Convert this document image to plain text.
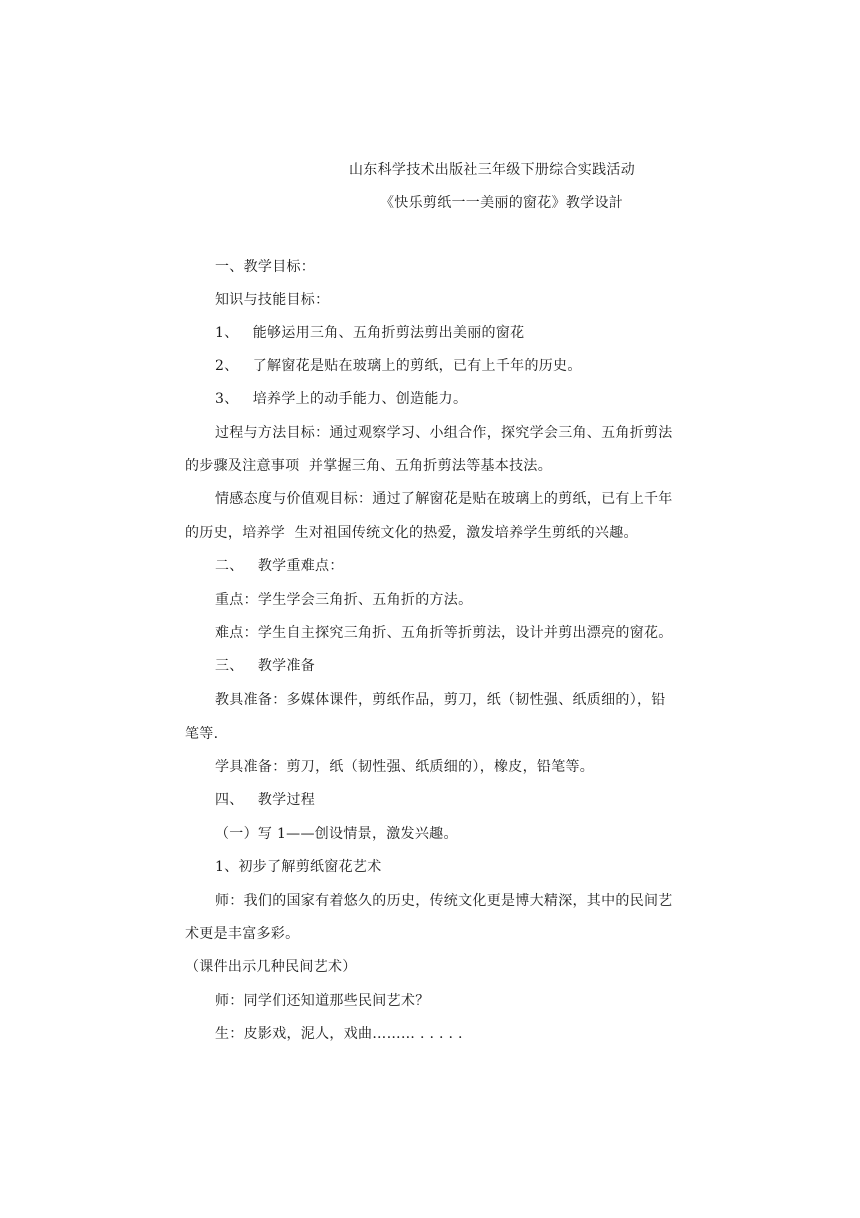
山东科学技术出版社三年级下册综合实践活动
《快乐剪纸一一美丽的窗花》教学设計
一、教学目标：
知识与技能目标：
1、   能够运用三角、五角折剪法剪出美丽的窗花
2、   了解窗花是贴在玻璃上的剪纸，已有上千年的历史。
3、   培养学上的动手能力、创造能力。
过程与方法目标：通过观察学习、小组合作，探究学会三角、五角折剪法
的步骤及注意事项  并掌握三角、五角折剪法等基本技法。
情感态度与价值观目标：通过了解窗花是贴在玻璃上的剪纸，已有上千年
的历史，培养学  生对祖国传统文化的热爱，激发培养学生剪纸的兴趣。
二、   教学重难点：
重点：学生学会三角折、五角折的方法。
难点：学生自主探究三角折、五角折等折剪法，设计并剪出漂亮的窗花。
三、   教学准备
教具准备：多媒体课件，剪纸作品，剪刀，纸（韧性强、纸质细的），铅
笔等.
学具准备：剪刀，纸（韧性强、纸质细的），橡皮，铅笔等。
四、   教学过程
（一）写 1——创设情景，激发兴趣。
1、初步了解剪纸窗花艺术
师：我们的国家有着悠久的历史，传统文化更是博大精深，其中的民间艺
术更是丰富多彩。
（课件出示几种民间艺术）
师：同学们还知道那些民间艺术？
生：皮影戏，泥人，戏曲……… . . . . .
